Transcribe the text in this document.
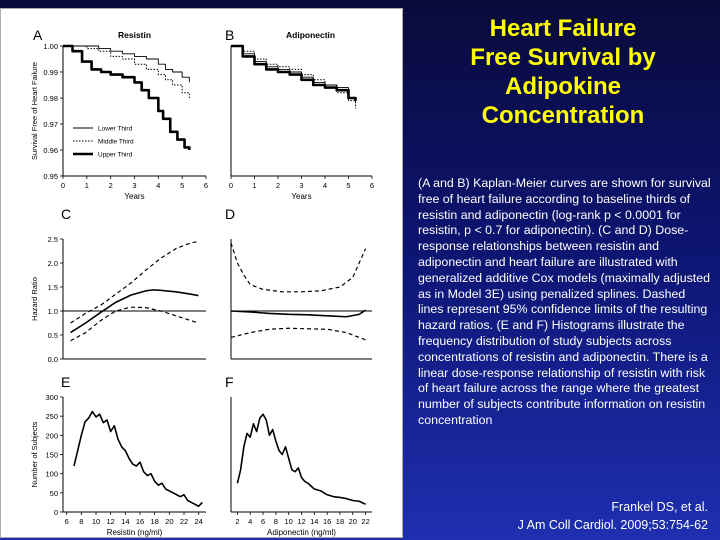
A	Resistin
0	1	2	3	4	5	6
1.00
0.99
0.98
0.97
0.96
0.95
Years
Survival Free of Heart Failure	Lower Third
Middle Third
Upper Third
B	Adiponectin
0	1	2	3	4	5	6
Years
C
2.5
2.0
1.5
1.0
0.5
0.0
Hazard Ratio
D
E
6 8 10 12 14 16 18 20 22 24
300
250
200
150
100
50
0
Resistin (ng/ml)
Number of Subjects
F
2 4 6 8 10 12 14 16 18 20 22
Adiponectin (ng/ml)
Heart Failure
Free Survival by
Adipokine
Concentration
(A and B) Kaplan-Meier curves are shown for survival free of heart failure according to baseline thirds of resistin and adiponectin (log-rank p < 0.0001 for resistin, p < 0.7 for adiponectin). (C and D) Dose-response relationships between resistin and adiponectin and heart failure are illustrated with generalized additive Cox models (maximally adjusted as in Model 3E) using penalized splines. Dashed lines represent 95% confidence limits of the resulting hazard ratios. (E and F) Histograms illustrate the frequency distribution of study subjects across concentrations of resistin and adiponectin. There is a linear dose-response relationship of resistin with risk of heart failure across the range where the greatest number of subjects contribute information on resistin concentration
Frankel DS, et al.
J Am Coll Cardiol. 2009;53:754-62
